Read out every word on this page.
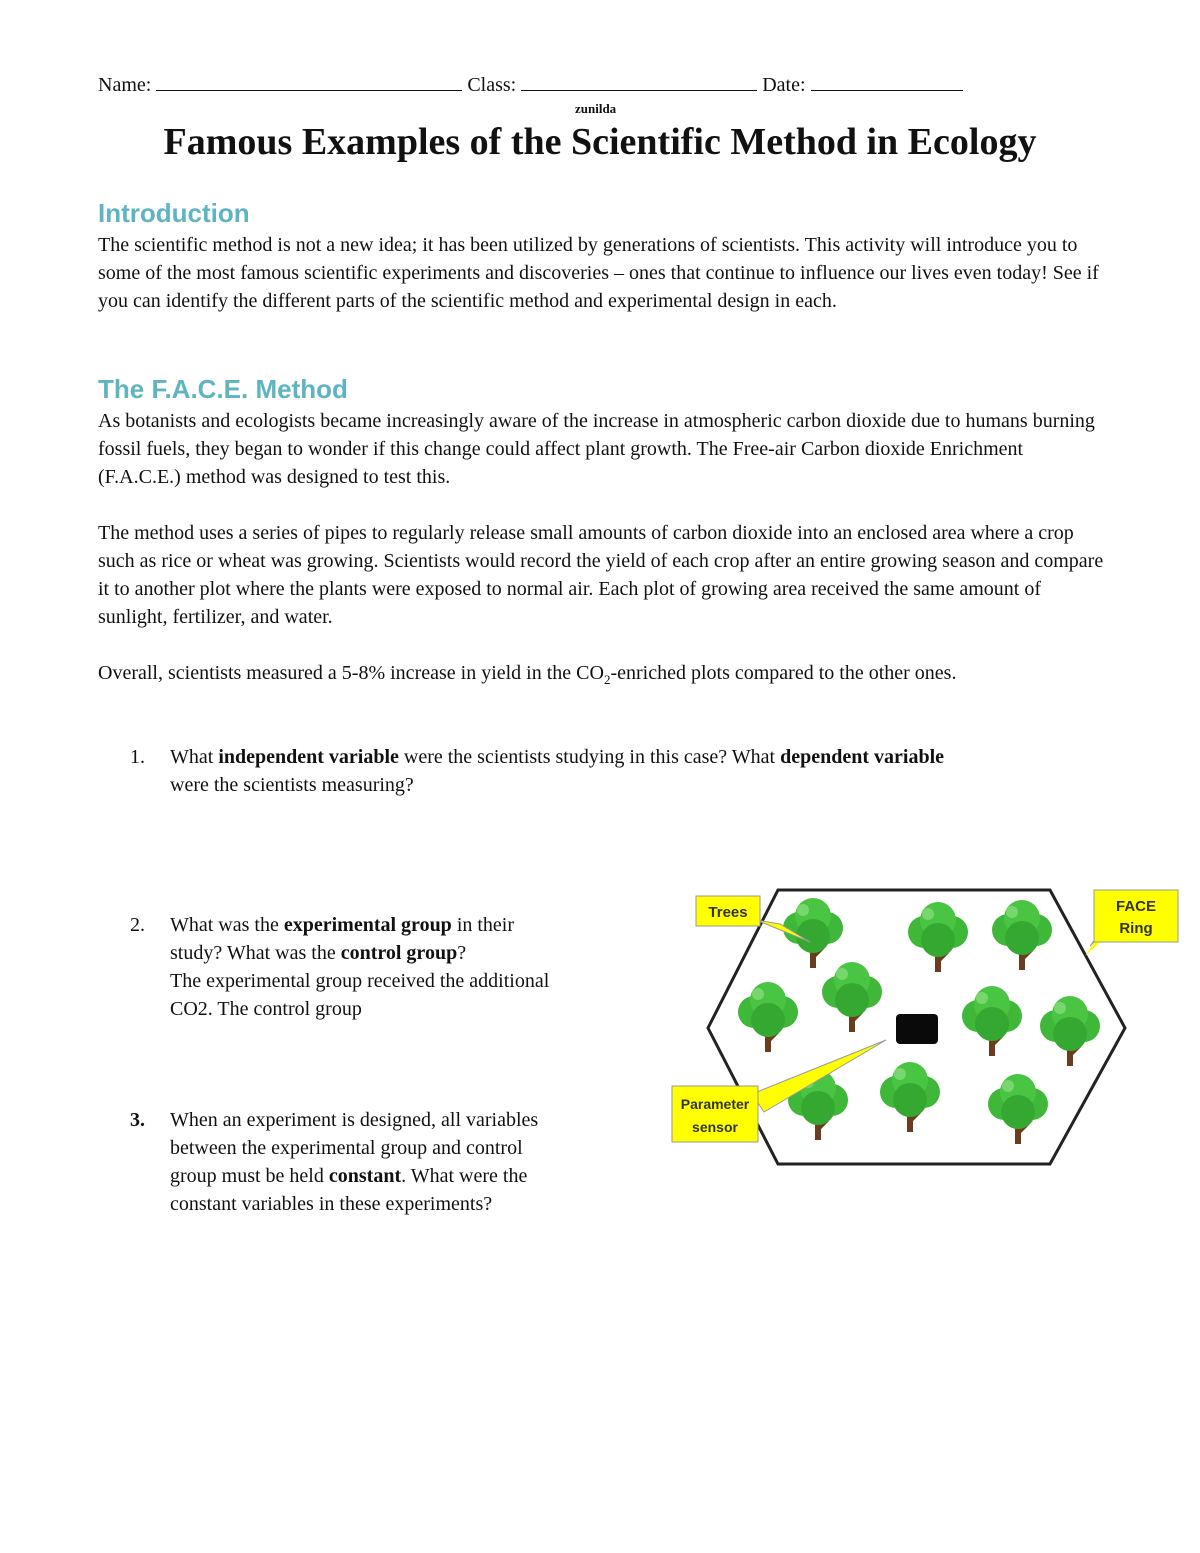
Name:	Class:	Date:
zunilda
Famous Examples of the Scientific Method in Ecology
Introduction
The scientific method is not a new idea; it has been utilized by generations of scientists. This activity will introduce you to some of the most famous scientific experiments and discoveries – ones that continue to influence our lives even today! See if you can identify the different parts of the scientific method and experimental design in each.
The F.A.C.E. Method
As botanists and ecologists became increasingly aware of the increase in atmospheric carbon dioxide due to humans burning fossil fuels, they began to wonder if this change could affect plant growth. The Free-air Carbon dioxide Enrichment (F.A.C.E.) method was designed to test this.
The method uses a series of pipes to regularly release small amounts of carbon dioxide into an enclosed area where a crop such as rice or wheat was growing. Scientists would record the yield of each crop after an entire growing season and compare it to another plot where the plants were exposed to normal air. Each plot of growing area received the same amount of sunlight, fertilizer, and water.
Overall, scientists measured a 5-8% increase in yield in the $CO_2$-enriched plots compared to the other ones.
1. What independent variable were the scientists studying in this case? What dependent variable
were the scientists measuring?
2. What was the experimental group in their
study? What was the control group?
The experimental group received the additional
CO2. The control group
3. When an experiment is designed, all variables
between the experimental group and control
group must be held constant. What were the
constant variables in these experiments?
Trees	FACE
Ring
Parameter
sensor
